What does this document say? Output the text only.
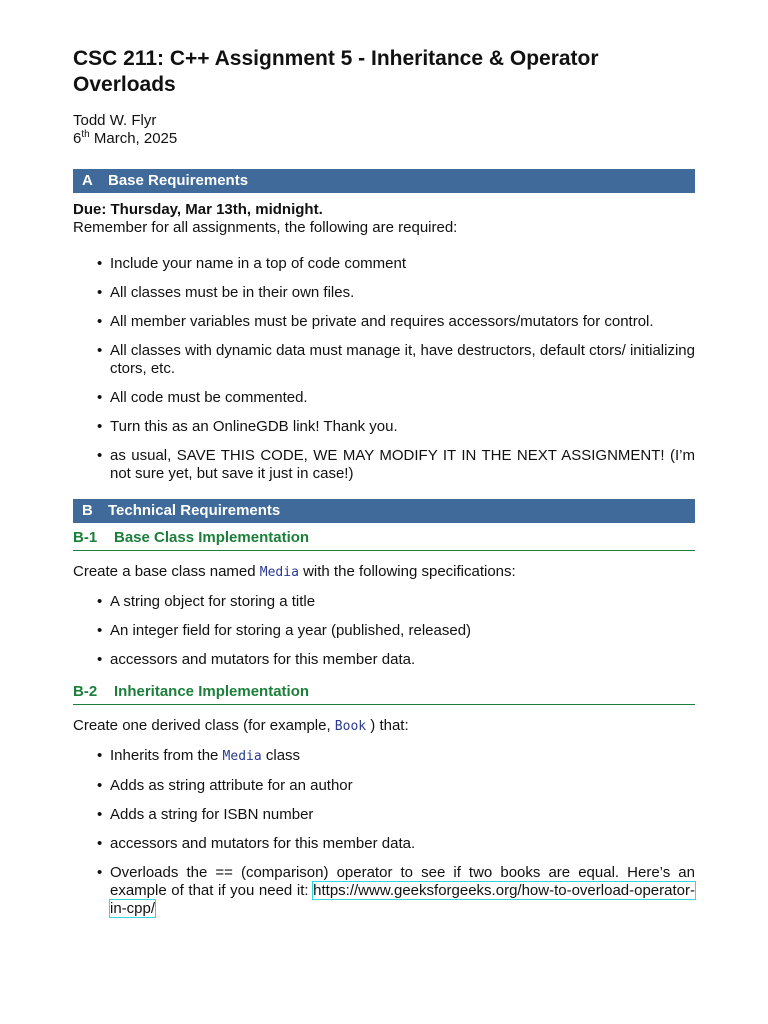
CSC 211: C++ Assignment 5 - Inheritance & Operator Overloads
Todd W. Flyr
6th March, 2025
A Base Requirements
Due: Thursday, Mar 13th, midnight.

Remember for all assignments, the following are required:

• Include your name in a top of code comment
• All classes must be in their own files.
• All member variables must be private and requires accessors/mutators for control.
• All classes with dynamic data must manage it, have destructors, default ctors/ initializing ctors, etc.
• All code must be commented.
• Turn this as an OnlineGDB link! Thank you.
• as usual, SAVE THIS CODE, WE MAY MODIFY IT IN THE NEXT ASSIGNMENT! (I’m not sure yet, but save it just in case!)
B Technical Requirements
B-1 Base Class Implementation

Create a base class named Media with the following specifications:

• A string object for storing a title
• An integer field for storing a year (published, released)
• accessors and mutators for this member data.
B-2 Inheritance Implementation

Create one derived class (for example, Book ) that:

• Inherits from the Media class
• Adds as string attribute for an author
• Adds a string for ISBN number
• accessors and mutators for this member data.
• Overloads the == (comparison) operator to see if two books are equal. Here’s an example of that if you need it: https://www.geeksforgeeks.org/how-to-overload-operator-in-cpp/
